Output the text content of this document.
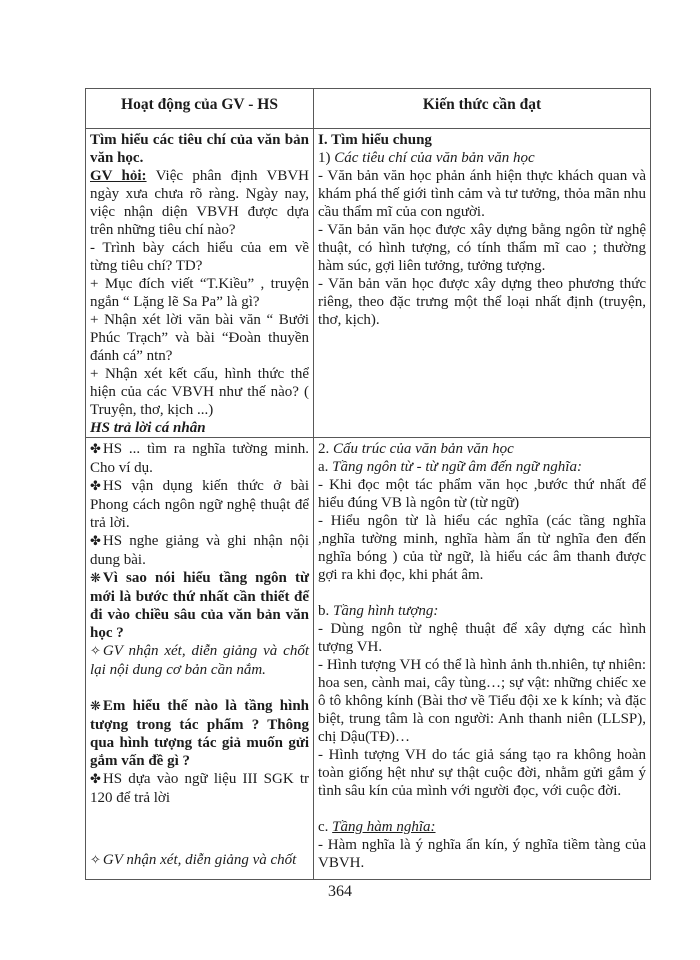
Hoạt động của GV - HS	Kiến thức cần đạt

Tìm hiểu các tiêu chí của văn bản văn học.

GV hỏi: Việc phân định VBVH ngày xưa chưa rõ ràng. Ngày nay, việc nhận diện VBVH được dựa trên những tiêu chí nào?

- Trình bày cách hiểu của em về từng tiêu chí? TD?

+ Mục đích viết “T.Kiều” , truyện ngắn “ Lặng lẽ Sa Pa” là gì?

+ Nhận xét lời văn bài văn “ Bưởi Phúc Trạch” và bài “Đoàn thuyền đánh cá” ntn?

+ Nhận xét kết cấu, hình thức thể hiện của các VBVH như thế nào? ( Truyện, thơ, kịch ...)

HS trả lời cá nhân

I. Tìm hiểu chung

1) Các tiêu chí của văn bản văn học

- Văn bản văn học phản ánh hiện thực khách quan và khám phá thế giới tình cảm và tư tưởng, thỏa mãn nhu cầu thẩm mĩ của con người.

- Văn bản văn học được xây dựng bằng ngôn từ nghệ thuật, có hình tượng, có tính thẩm mĩ cao ; thường hàm súc, gợi liên tưởng, tưởng tượng.

- Văn bản văn học được xây dựng theo phương thức riêng, theo đặc trưng một thể loại nhất định (truyện, thơ, kịch).

✤ HS ... tìm ra nghĩa tường minh. Cho ví dụ.

✤ HS vận dụng kiến thức ở bài Phong cách ngôn ngữ nghệ thuật để trả lời.

✤ HS nghe giảng và ghi nhận nội dung bài.

❋ Vì sao nói hiểu tầng ngôn từ mới là bước thứ nhất cần thiết để đi vào chiều sâu của văn bản văn học ?

✧ GV nhận xét, diễn giảng và chốt lại nội dung cơ bản cần nắm.

❋ Em hiểu thế nào là tầng hình tượng trong tác phẩm ? Thông qua hình tượng tác giả muốn gửi gắm vấn đề gì ?

✤ HS dựa vào ngữ liệu III SGK tr 120 để trả lời

✧ GV nhận xét, diễn giảng và chốt

2. Cấu trúc của văn bản văn học

a. Tầng ngôn từ - từ ngữ âm đến ngữ nghĩa:

- Khi đọc một tác phẩm văn học ,bước thứ nhất để hiểu đúng VB là ngôn từ (từ ngữ)

- Hiểu ngôn từ là hiểu các nghĩa (các tầng nghĩa ,nghĩa tường minh, nghĩa hàm ẩn từ nghĩa đen đến nghĩa bóng ) của từ ngữ, là hiểu các âm thanh được gợi ra khi đọc, khi phát âm.

b. Tầng hình tượng:

- Dùng ngôn từ nghệ thuật để xây dựng các hình tượng VH.

- Hình tượng VH có thể là hình ảnh th.nhiên, tự nhiên: hoa sen, cành mai, cây tùng…; sự vật: những chiếc xe ô tô không kính (Bài thơ về Tiểu đội xe k kính; và đặc biệt, trung tâm là con người: Anh thanh niên (LLSP), chị Dậu(TĐ)…

- Hình tượng VH do tác giả sáng tạo ra không hoàn toàn giống hệt như sự thật cuộc đời, nhằm gửi gắm ý tình sâu kín của mình với người đọc, với cuộc đời.

c. Tầng hàm nghĩa:

- Hàm nghĩa là ý nghĩa ẩn kín, ý nghĩa tiềm tàng của VBVH.

364
